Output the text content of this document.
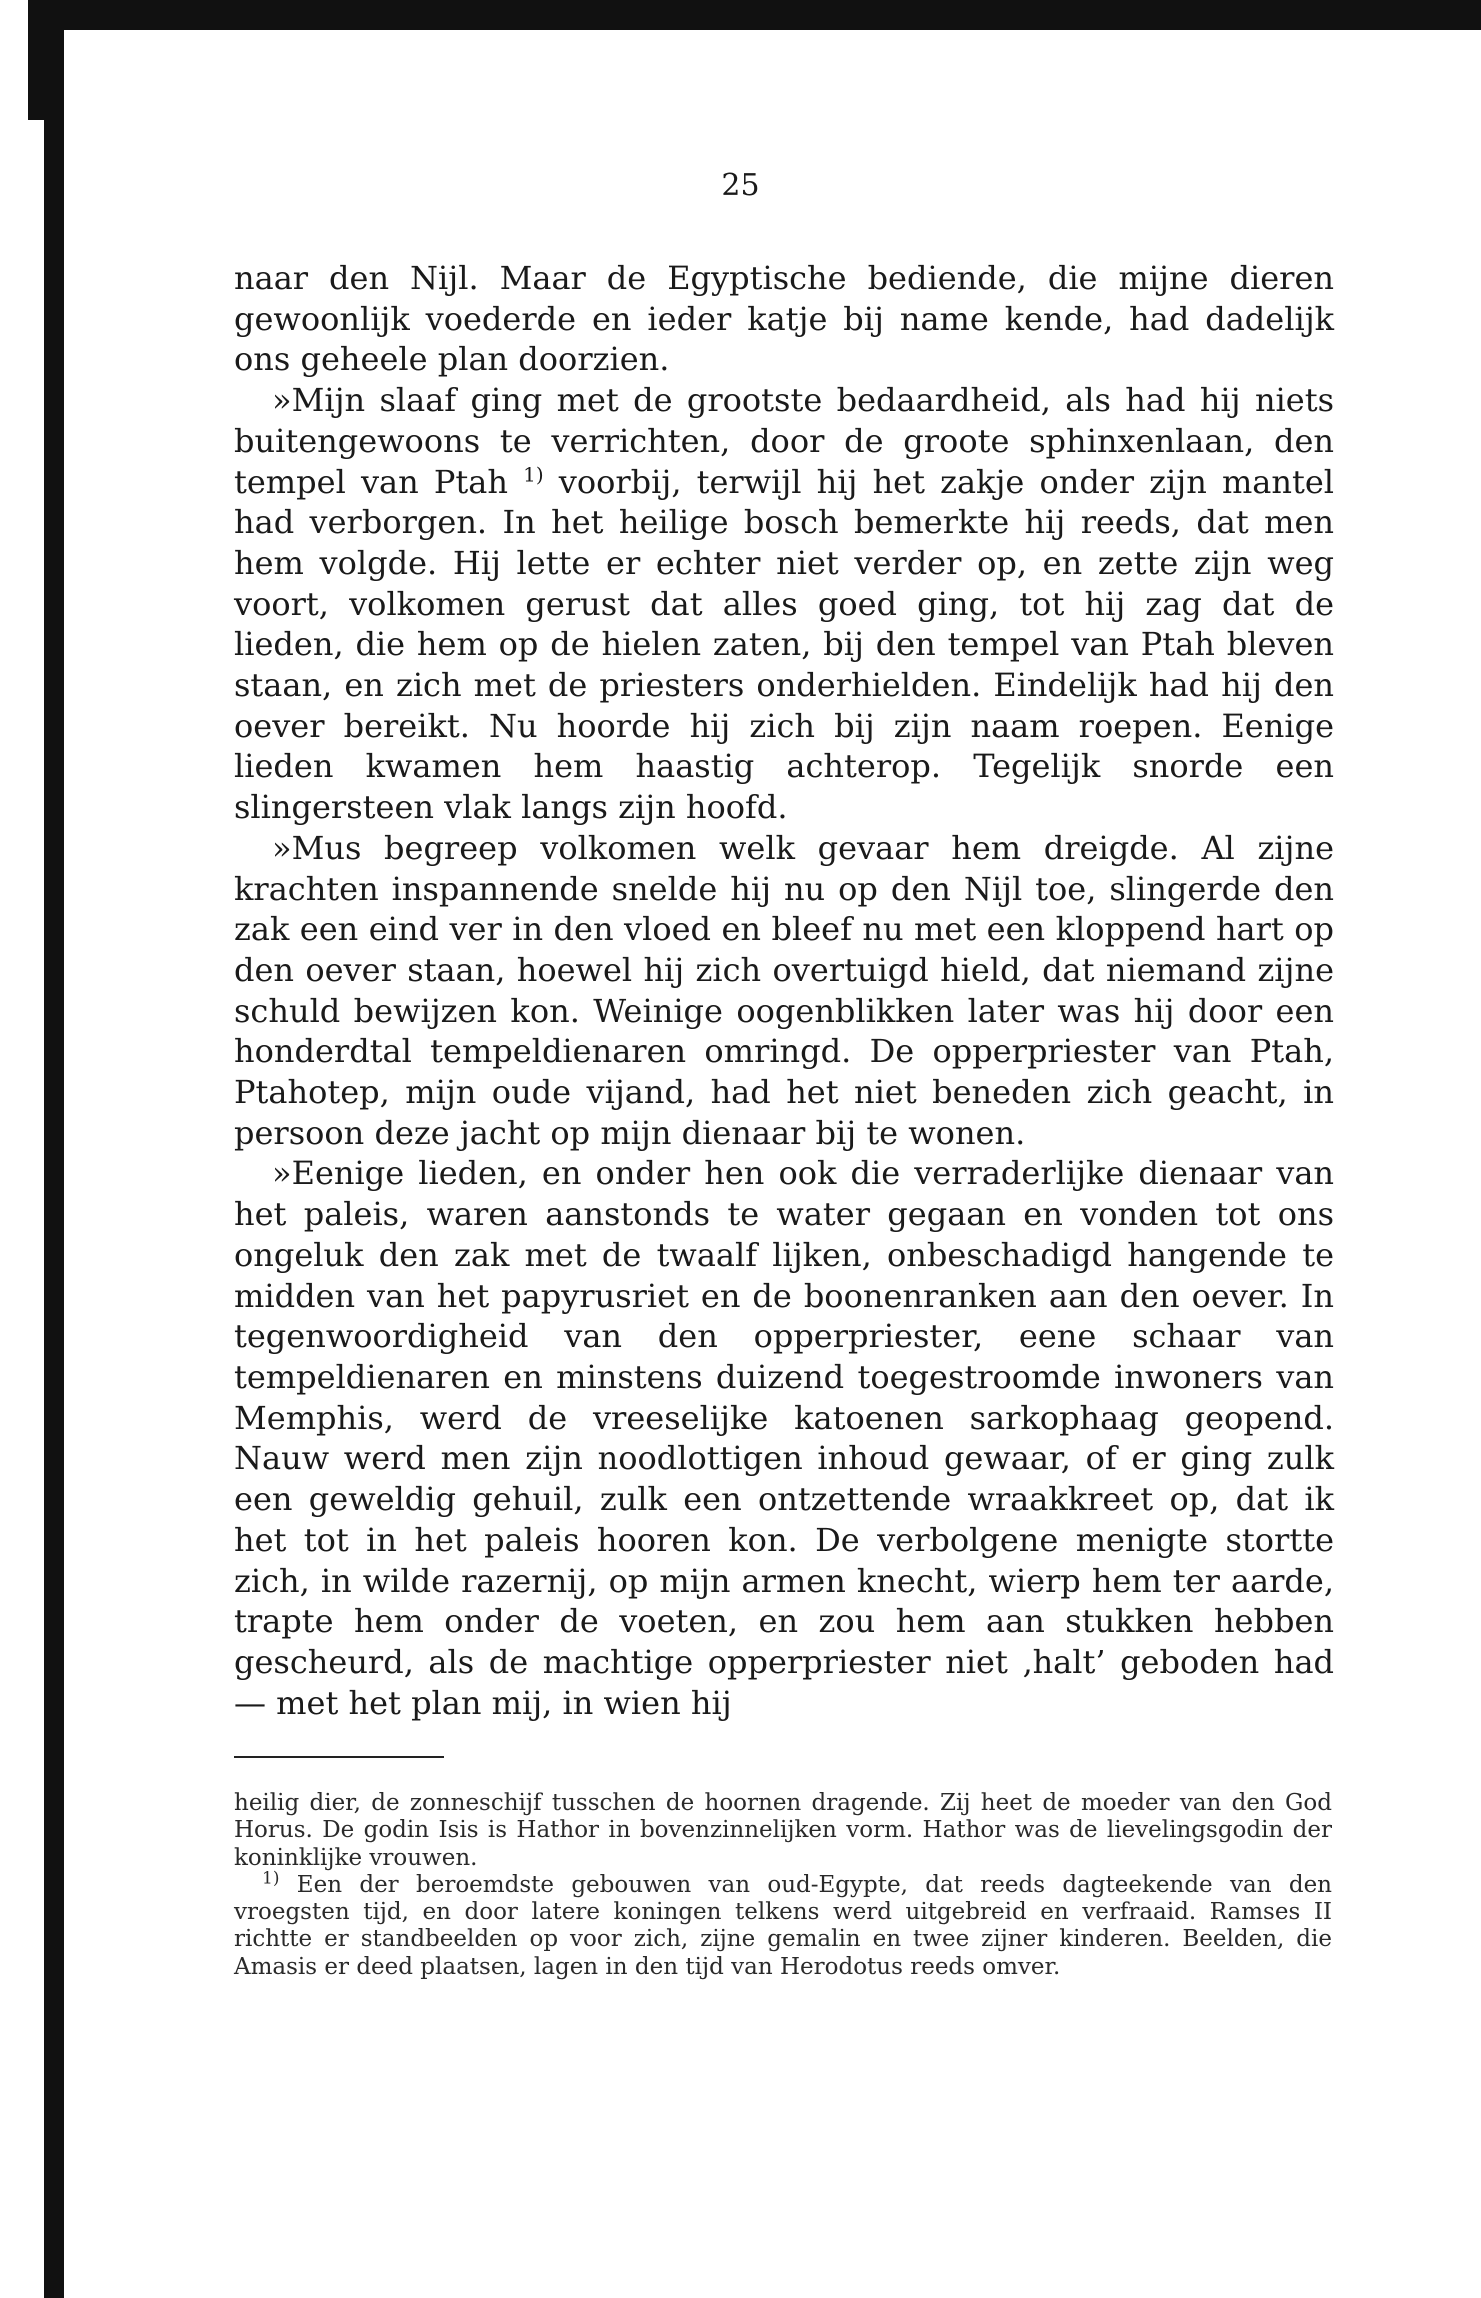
25

naar den Nijl. Maar de Egyptische bediende, die mijne dieren gewoonlijk voederde en ieder katje bij name kende, had dadelijk ons geheele plan doorzien.

»Mijn slaaf ging met de grootste bedaardheid, als had hij niets buitengewoons te verrichten, door de groote sphinxenlaan, den tempel van Ptah $^{1)}$ voorbij, terwijl hij het zakje onder zijn mantel had verborgen. In het heilige bosch bemerkte hij reeds, dat men hem volgde. Hij lette er echter niet verder op, en zette zijn weg voort, volkomen gerust dat alles goed ging, tot hij zag dat de lieden, die hem op de hielen zaten, bij den tempel van Ptah bleven staan, en zich met de priesters onderhielden. Eindelijk had hij den oever bereikt. Nu hoorde hij zich bij zijn naam roepen. Eenige lieden kwamen hem haastig achterop. Tegelijk snorde een slingersteen vlak langs zijn hoofd.

»Mus begreep volkomen welk gevaar hem dreigde. Al zijne krachten inspannende snelde hij nu op den Nijl toe, slingerde den zak een eind ver in den vloed en bleef nu met een kloppend hart op den oever staan, hoewel hij zich overtuigd hield, dat niemand zijne schuld bewijzen kon. Weinige oogenblikken later was hij door een honderdtal tempeldienaren omringd. De opperpriester van Ptah, Ptahotep, mijn oude vijand, had het niet beneden zich geacht, in persoon deze jacht op mijn dienaar bij te wonen.

»Eenige lieden, en onder hen ook die verraderlijke dienaar van het paleis, waren aanstonds te water gegaan en vonden tot ons ongeluk den zak met de twaalf lijken, onbeschadigd hangende te midden van het papyrusriet en de boonenranken aan den oever. In tegenwoordigheid van den opperpriester, eene schaar van tempeldienaren en minstens duizend toegestroomde inwoners van Memphis, werd de vreeselijke katoenen sarkophaag geopend. Nauw werd men zijn noodlottigen inhoud gewaar, of er ging zulk een geweldig gehuil, zulk een ontzettende wraakkreet op, dat ik het tot in het paleis hooren kon. De verbolgene menigte stortte zich, in wilde razernij, op mijn armen knecht, wierp hem ter aarde, trapte hem onder de voeten, en zou hem aan stukken hebben gescheurd, als de machtige opperpriester niet ‚halt’ geboden had — met het plan mij, in wien hij

heilig dier, de zonneschijf tusschen de hoornen dragende. Zij heet de moeder van den God Horus. De godin Isis is Hathor in bovenzinnelijken vorm. Hathor was de lievelingsgodin der koninklijke vrouwen.

$^{1)}$ Een der beroemdste gebouwen van oud-Egypte, dat reeds dagteekende van den vroegsten tijd, en door latere koningen telkens werd uitgebreid en verfraaid. Ramses II richtte er standbeelden op voor zich, zijne gemalin en twee zijner kinderen. Beelden, die Amasis er deed plaatsen, lagen in den tijd van Herodotus reeds omver.
